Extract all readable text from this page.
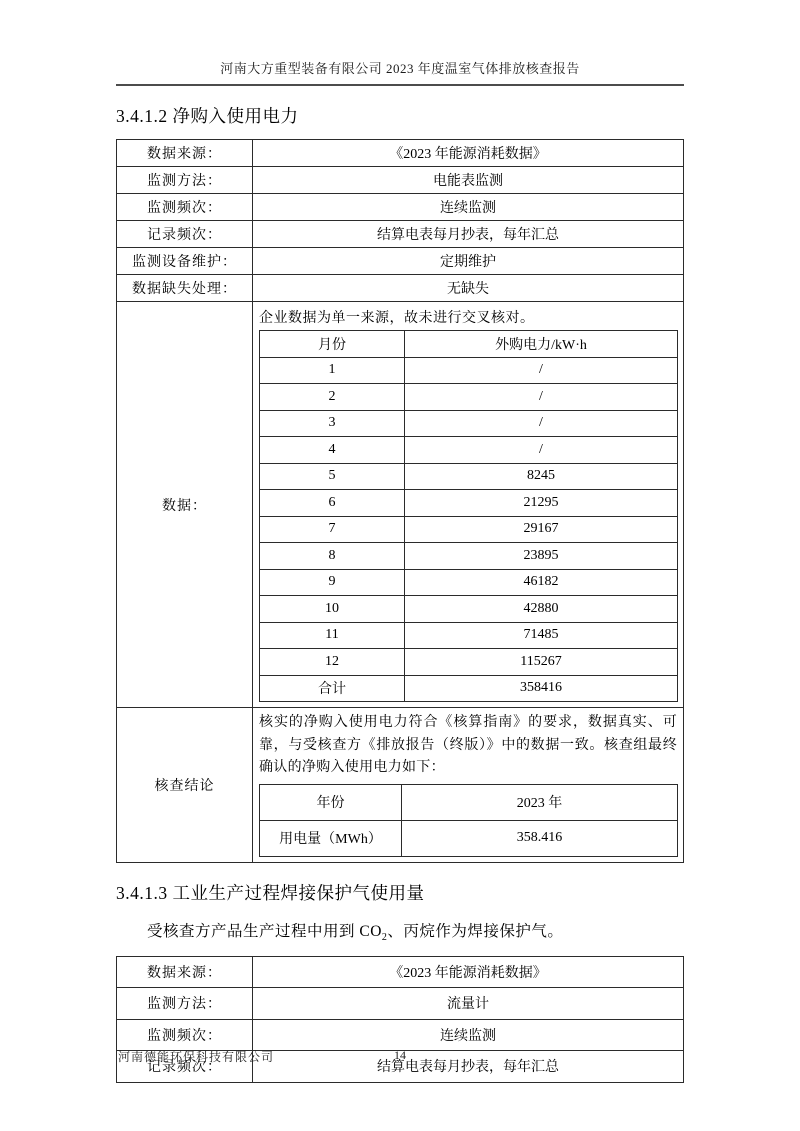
河南大方重型装备有限公司 2023 年度温室气体排放核查报告
3.4.1.2 净购入使用电力
数据来源：	《2023 年能源消耗数据》
监测方法：	电能表监测
监测频次：	连续监测
记录频次：	结算电表每月抄表，每年汇总
监测设备维护：	定期维护
数据缺失处理：	无缺失
数据：	
企业数据为单一来源，故未进行交叉核对。
月份	外购电力/kW·h
1	/
2	/
3	/
4	/
5	8245
6	21295
7	29167
8	23895
9	46182
10	42880
11	71485
12	115267
合计	358416

核查结论	
核实的净购入使用电力符合《核算指南》的要求，数据真实、可靠，与受核查方《排放报告（终版）》中的数据一致。核查组最终确认的净购入使用电力如下：
年份	2023 年
用电量（MWh）	358.416
3.4.1.3 工业生产过程焊接保护气使用量

受核查方产品生产过程中用到 $CO_2$、丙烷作为焊接保护气。

数据来源：	《2023 年能源消耗数据》
监测方法：	流量计
监测频次：	连续监测
记录频次：	结算电表每月抄表，每年汇总
河南德能环保科技有限公司	14
